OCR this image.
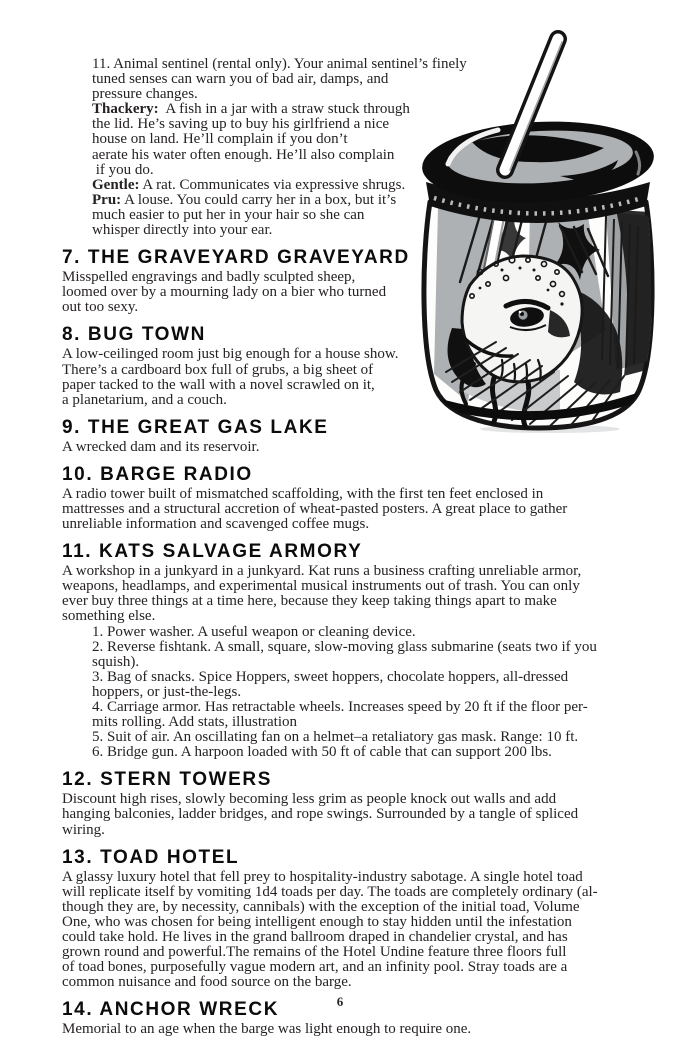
11. Animal sentinel (rental only). Your animal sentinel’s finely
tuned senses can warn you of bad air, damps, and
pressure changes.
Thackery:  A fish in a jar with a straw stuck through
the lid. He’s saving up to buy his girlfriend a nice
house on land. He’ll complain if you don’t
aerate his water often enough. He’ll also complain
if you do.
Gentle: A rat. Communicates via expressive shrugs.
Pru: A louse. You could carry her in a box, but it’s
much easier to put her in your hair so she can
whisper directly into your ear.
7. THE GRAVEYARD GRAVEYARD
Misspelled engravings and badly sculpted sheep,
loomed over by a mourning lady on a bier who turned
out too sexy.
8. BUG TOWN
A low-ceilinged room just big enough for a house show.
There’s a cardboard box full of grubs, a big sheet of
paper tacked to the wall with a novel scrawled on it,
a planetarium, and a couch.
9. THE GREAT GAS LAKE
A wrecked dam and its reservoir.
10. BARGE RADIO
A radio tower built of mismatched scaffolding, with the first ten feet enclosed in
mattresses and a structural accretion of wheat-pasted posters. A great place to gather
unreliable information and scavenged coffee mugs.
11. KATS SALVAGE ARMORY
A workshop in a junkyard in a junkyard. Kat runs a business crafting unreliable armor,
weapons, headlamps, and experimental musical instruments out of trash. You can only
ever buy three things at a time here, because they keep taking things apart to make
something else.
1. Power washer. A useful weapon or cleaning device.
2. Reverse fishtank. A small, square, slow-moving glass submarine (seats two if you
squish).
3. Bag of snacks. Spice Hoppers, sweet hoppers, chocolate hoppers, all-dressed
hoppers, or just-the-legs.
4. Carriage armor. Has retractable wheels. Increases speed by 20 ft if the floor per-
mits rolling. Add stats, illustration
5. Suit of air. An oscillating fan on a helmet–a retaliatory gas mask. Range: 10 ft.
6. Bridge gun. A harpoon loaded with 50 ft of cable that can support 200 lbs.
12. STERN TOWERS
Discount high rises, slowly becoming less grim as people knock out walls and add
hanging balconies, ladder bridges, and rope swings. Surrounded by a tangle of spliced
wiring.
13. TOAD HOTEL
A glassy luxury hotel that fell prey to hospitality-industry sabotage. A single hotel toad
will replicate itself by vomiting 1d4 toads per day. The toads are completely ordinary (al-
though they are, by necessity, cannibals) with the exception of the initial toad, Volume
One, who was chosen for being intelligent enough to stay hidden until the infestation
could take hold. He lives in the grand ballroom draped in chandelier crystal, and has
grown round and powerful.The remains of the Hotel Undine feature three floors full
of toad bones, purposefully vague modern art, and an infinity pool. Stray toads are a
common nuisance and food source on the barge.
14. ANCHOR WRECK
Memorial to an age when the barge was light enough to require one.
6
